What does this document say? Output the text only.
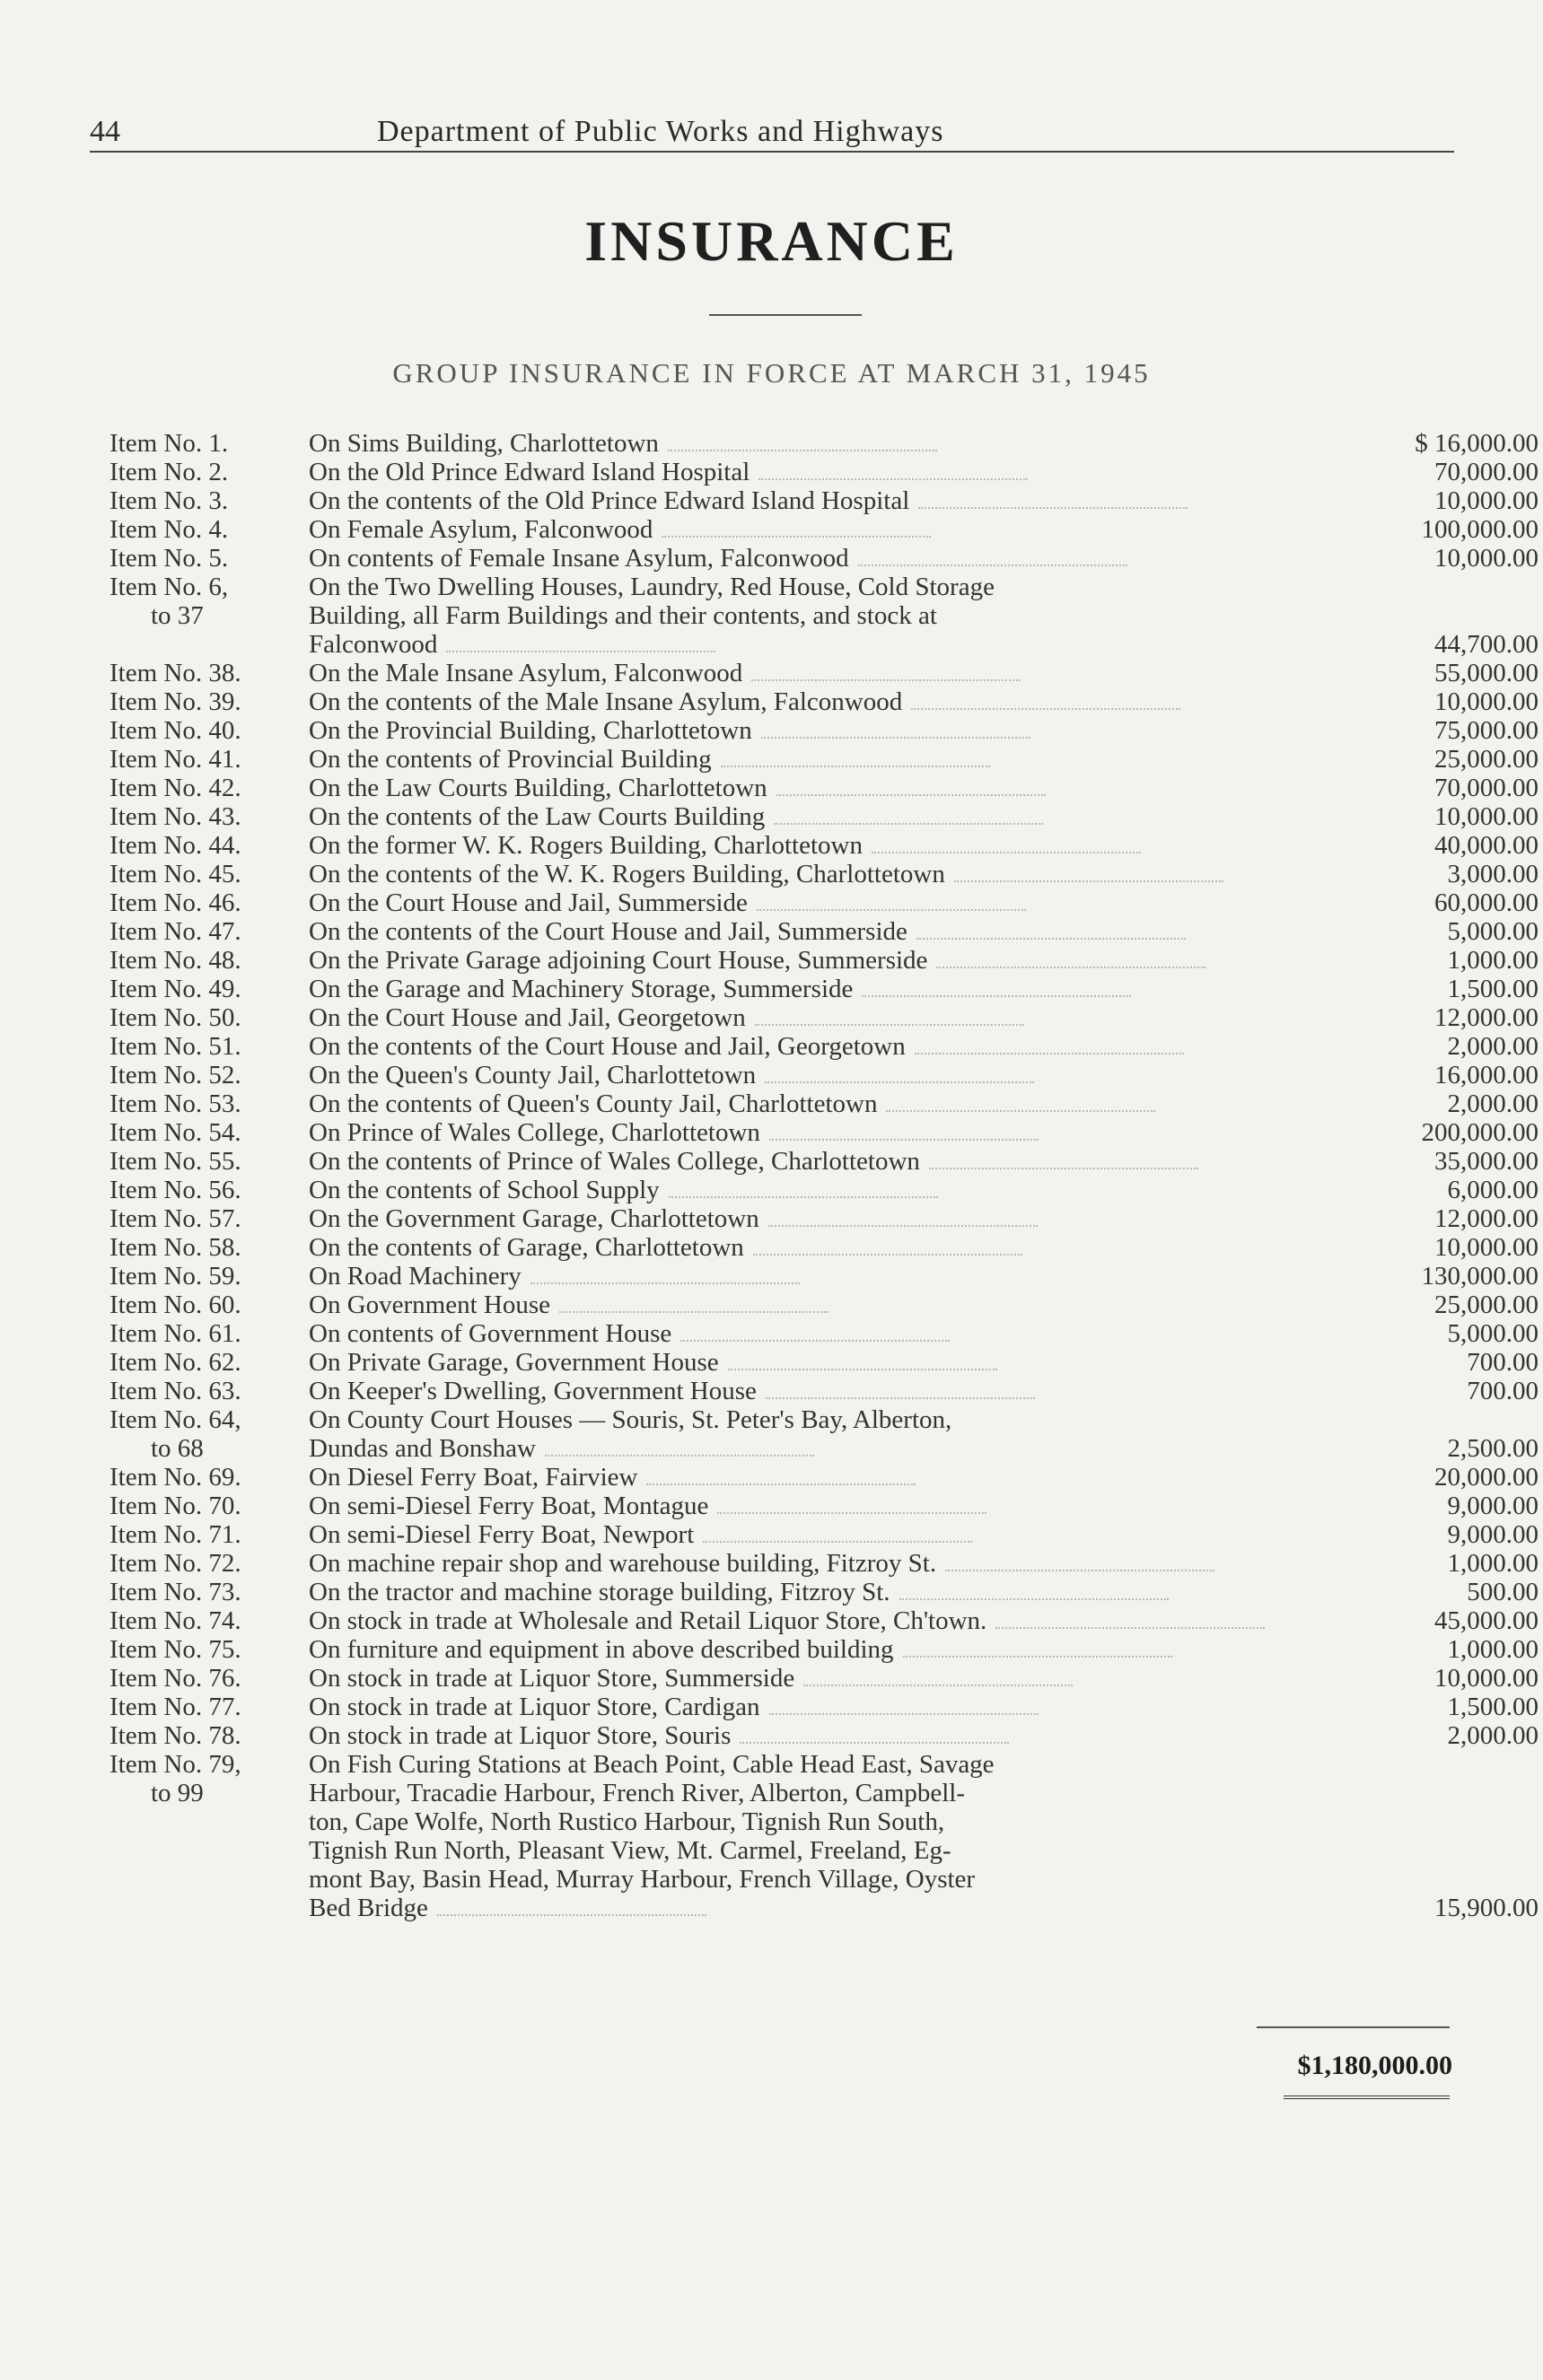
44	Department of Public Works and Highways
INSURANCE
GROUP INSURANCE IN FORCE AT MARCH 31, 1945
Item No. 1.	On Sims Building, Charlottetown	$ 16,000.00
Item No. 2.	On the Old Prince Edward Island Hospital	70,000.00
Item No. 3.	On the contents of the Old Prince Edward Island Hospital	10,000.00
Item No. 4.	On Female Asylum, Falconwood	100,000.00
Item No. 5.	On contents of Female Insane Asylum, Falconwood	10,000.00
Item No. 6,
to 37
On the Two Dwelling Houses, Laundry, Red House, Cold Storage
Building, all Farm Buildings and their contents, and stock at
Falconwood	44,700.00
Item No. 38.	On the Male Insane Asylum, Falconwood	55,000.00
Item No. 39.	On the contents of the Male Insane Asylum, Falconwood	10,000.00
Item No. 40.	On the Provincial Building, Charlottetown	75,000.00
Item No. 41.	On the contents of Provincial Building	25,000.00
Item No. 42.	On the Law Courts Building, Charlottetown	70,000.00
Item No. 43.	On the contents of the Law Courts Building	10,000.00
Item No. 44.	On the former W. K. Rogers Building, Charlottetown	40,000.00
Item No. 45.	On the contents of the W. K. Rogers Building, Charlottetown	3,000.00
Item No. 46.	On the Court House and Jail, Summerside	60,000.00
Item No. 47.	On the contents of the Court House and Jail, Summerside	5,000.00
Item No. 48.	On the Private Garage adjoining Court House, Summerside	1,000.00
Item No. 49.	On the Garage and Machinery Storage, Summerside	1,500.00
Item No. 50.	On the Court House and Jail, Georgetown	12,000.00
Item No. 51.	On the contents of the Court House and Jail, Georgetown	2,000.00
Item No. 52.	On the Queen's County Jail, Charlottetown	16,000.00
Item No. 53.	On the contents of Queen's County Jail, Charlottetown	2,000.00
Item No. 54.	On Prince of Wales College, Charlottetown	200,000.00
Item No. 55.	On the contents of Prince of Wales College, Charlottetown	35,000.00
Item No. 56.	On the contents of School Supply	6,000.00
Item No. 57.	On the Government Garage, Charlottetown	12,000.00
Item No. 58.	On the contents of Garage, Charlottetown	10,000.00
Item No. 59.	On Road Machinery	130,000.00
Item No. 60.	On Government House	25,000.00
Item No. 61.	On contents of Government House	5,000.00
Item No. 62.	On Private Garage, Government House	700.00
Item No. 63.	On Keeper's Dwelling, Government House	700.00
Item No. 64,
to 68
On County Court Houses — Souris, St. Peter's Bay, Alberton,
Dundas and Bonshaw	2,500.00
Item No. 69.	On Diesel Ferry Boat, Fairview	20,000.00
Item No. 70.	On semi-Diesel Ferry Boat, Montague	9,000.00
Item No. 71.	On semi-Diesel Ferry Boat, Newport	9,000.00
Item No. 72.	On machine repair shop and warehouse building, Fitzroy St.	1,000.00
Item No. 73.	On the tractor and machine storage building, Fitzroy St.	500.00
Item No. 74.	On stock in trade at Wholesale and Retail Liquor Store, Ch'town.	45,000.00
Item No. 75.	On furniture and equipment in above described building	1,000.00
Item No. 76.	On stock in trade at Liquor Store, Summerside	10,000.00
Item No. 77.	On stock in trade at Liquor Store, Cardigan	1,500.00
Item No. 78.	On stock in trade at Liquor Store, Souris	2,000.00
Item No. 79,
to 99
On Fish Curing Stations at Beach Point, Cable Head East, Savage
Harbour, Tracadie Harbour, French River, Alberton, Campbell-
ton, Cape Wolfe, North Rustico Harbour, Tignish Run South,
Tignish Run North, Pleasant View, Mt. Carmel, Freeland, Eg-
mont Bay, Basin Head, Murray Harbour, French Village, Oyster
Bed Bridge	15,900.00
$1,180,000.00
